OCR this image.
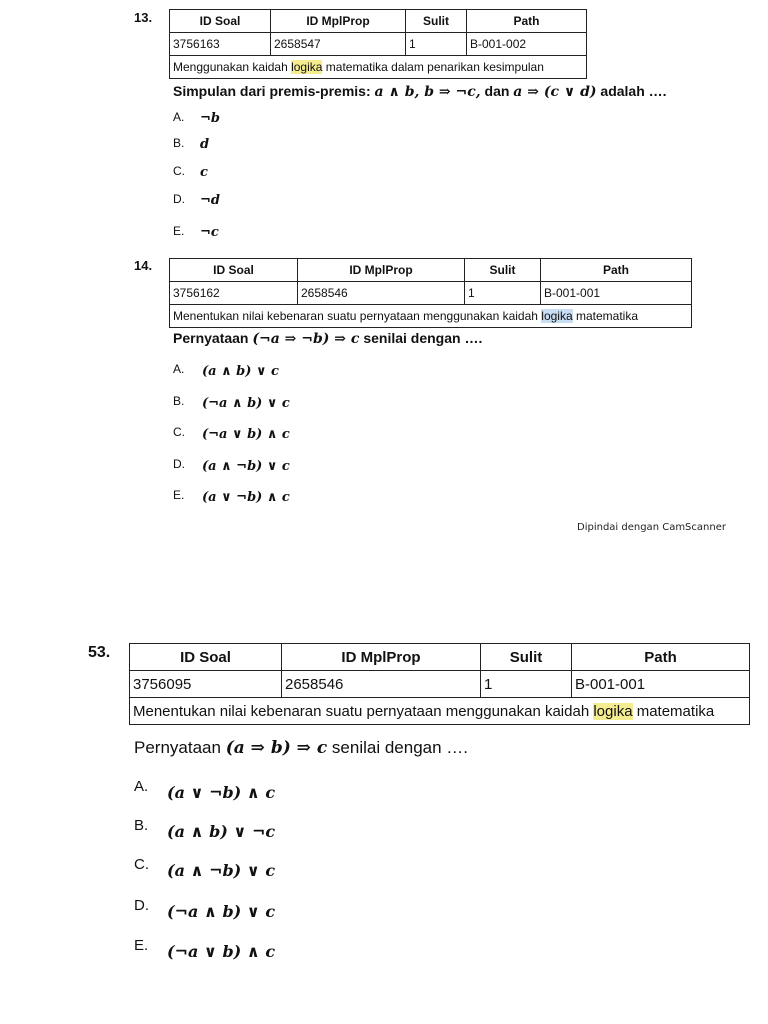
13.	ID Soal	ID MplProp	Sulit	Path
3756163	2658547	1	B-001-002
Menggunakan kaidah logika matematika dalam penarikan kesimpulan			
Simpulan dari premis-premis: a ∧ b, b ⇒ ¬c, dan a ⇒ (c ∨ d) adalah ….
A. ¬b
B. d
C. c
D. ¬d
E. ¬c
14.	ID Soal	ID MplProp	Sulit	Path
3756162	2658546	1	B-001-001
Menentukan nilai kebenaran suatu pernyataan menggunakan kaidah logika matematika			
Pernyataan (¬a ⇒ ¬b) ⇒ c senilai dengan ….
A. (a ∧ b) ∨ c
B. (¬a ∧ b) ∨ c
C. (¬a ∨ b) ∧ c
D. (a ∧ ¬b) ∨ c
E. (a ∨ ¬b) ∧ c
Dipindai dengan CamScanner
53.	ID Soal	ID MplProp	Sulit	Path
3756095	2658546	1	B-001-001
Menentukan nilai kebenaran suatu pernyataan menggunakan kaidah logika matematika			
Pernyataan (a ⇒ b) ⇒ c senilai dengan ….
A. (a ∨ ¬b) ∧ c
B. (a ∧ b) ∨ ¬c
C. (a ∧ ¬b) ∨ c
D. (¬a ∧ b) ∨ c
E. (¬a ∨ b) ∧ c
